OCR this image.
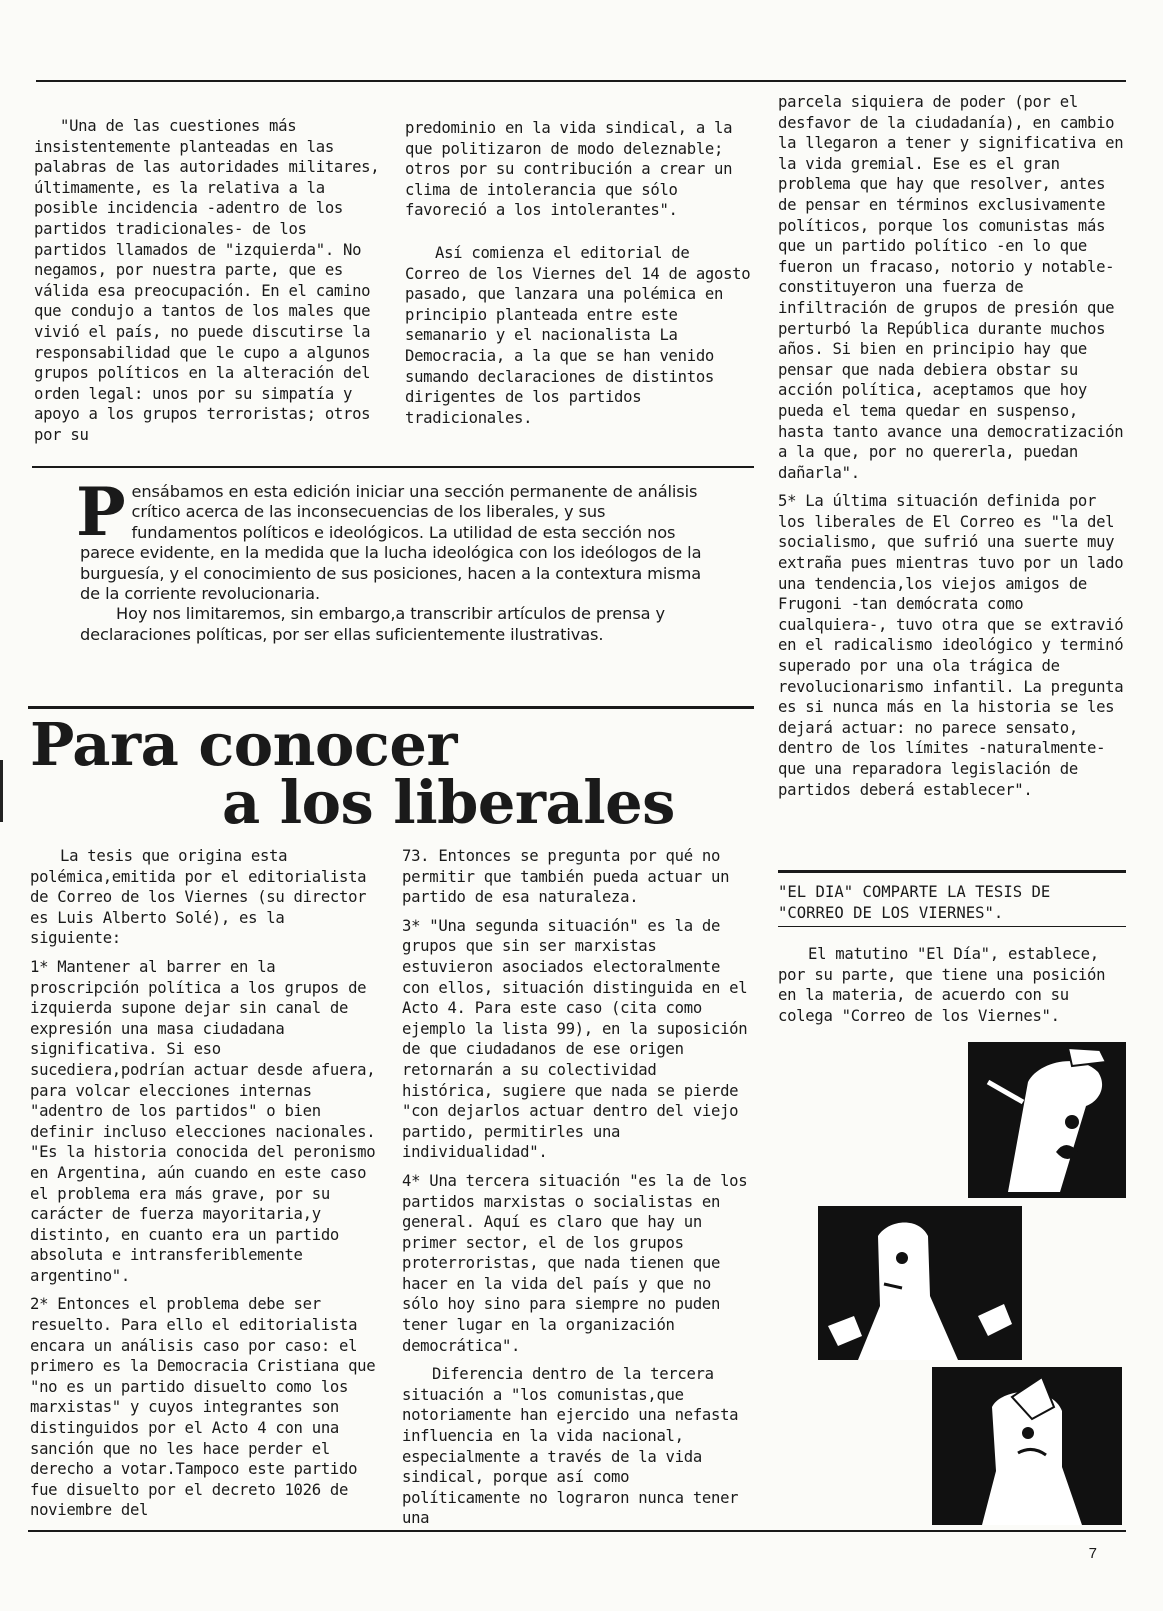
"Una de las cuestiones más insistentemente planteadas en las palabras de las autoridades militares, últimamente, es la relativa a la posible incidencia -adentro de los partidos tradicionales- de los partidos llamados de "izquierda". No negamos, por nuestra parte, que es válida esa preocupación. En el camino que condujo a tantos de los males que vivió el país, no puede discutirse la responsabilidad que le cupo a algunos grupos políticos en la alteración del orden legal: unos por su simpatía y apoyo a los grupos terroristas; otros por su

predominio en la vida sindical, a la que politizaron de modo deleznable; otros por su contribución a crear un clima de intolerancia que sólo favoreció a los intolerantes".

Así comienza el editorial de Correo de los Viernes del 14 de agosto pasado, que lanzara una polémica en principio planteada entre este semanario y el nacionalista La Democracia, a la que se han venido sumando declaraciones de distintos dirigentes de los partidos tradicionales.

parcela siquiera de poder (por el desfavor de la ciudadanía), en cambio la llegaron a tener y significativa en la vida gremial. Ese es el gran problema que hay que resolver, antes de pensar en términos exclusivamente políticos, porque los comunistas más que un partido político -en lo que fueron un fracaso, notorio y notable- constituyeron una fuerza de infiltración de grupos de presión que perturbó la República durante muchos años. Si bien en principio hay que pensar que nada debiera obstar su acción política, aceptamos que hoy pueda el tema quedar en suspenso, hasta tanto avance una democratización a la que, por no quererla, puedan dañarla".

5* La última situación definida por los liberales de El Correo es "la del socialismo, que sufrió una suerte muy extraña pues mientras tuvo por un lado una tendencia,los viejos amigos de Frugoni -tan demócrata como cualquiera-, tuvo otra que se extravió en el radicalismo ideológico y terminó superado por una ola trágica de revolucionarismo infantil. La pregunta es si nunca más en la historia se les dejará actuar: no parece sensato, dentro de los límites -naturalmente- que una reparadora legislación de partidos deberá establecer".

P ensábamos en esta edición iniciar una sección permanente de análisis crítico acerca de las inconsecuencias de los liberales, y sus fundamentos políticos e ideológicos. La utilidad de esta sección nos parece evidente, en la medida que la lucha ideológica con los ideólogos de la burguesía, y el conocimiento de sus posiciones, hacen a la contextura misma de la corriente revolucionaria.

Hoy nos limitaremos, sin embargo,a transcribir artículos de prensa y declaraciones políticas, por ser ellas suficientemente ilustrativas.

Para conocer
a los liberales

La tesis que origina esta polémica,emitida por el editorialista de Correo de los Viernes (su director es Luis Alberto Solé), es la siguiente:

1* Mantener al barrer en la proscripción política a los grupos de izquierda supone dejar sin canal de expresión una masa ciudadana significativa. Si eso sucediera,podrían actuar desde afuera, para volcar elecciones internas "adentro de los partidos" o bien definir incluso elecciones nacionales. "Es la historia conocida del peronismo en Argentina, aún cuando en este caso el problema era más grave, por su carácter de fuerza mayoritaria,y distinto, en cuanto era un partido absoluta e intransferiblemente argentino".

2* Entonces el problema debe ser resuelto. Para ello el editorialista encara un análisis caso por caso: el primero es la Democracia Cristiana que "no es un partido disuelto como los marxistas" y cuyos integrantes son distinguidos por el Acto 4 con una sanción que no les hace perder el derecho a votar.Tampoco este partido fue disuelto por el decreto 1026 de noviembre del

73. Entonces se pregunta por qué no permitir que también pueda actuar un partido de esa naturaleza.

3* "Una segunda situación" es la de grupos que sin ser marxistas estuvieron asociados electoralmente con ellos, situación distinguida en el Acto 4. Para este caso (cita como ejemplo la lista 99), en la suposición de que ciudadanos de ese origen retornarán a su colectividad histórica, sugiere que nada se pierde "con dejarlos actuar dentro del viejo partido, permitirles una individualidad".

4* Una tercera situación "es la de los partidos marxistas o socialistas en general. Aquí es claro que hay un primer sector, el de los grupos proterroristas, que nada tienen que hacer en la vida del país y que no sólo hoy sino para siempre no puden tener lugar en la organización democrática".

Diferencia dentro de la tercera situación a "los comunistas,que notoriamente han ejercido una nefasta influencia en la vida nacional, especialmente a través de la vida sindical, porque así como políticamente no lograron nunca tener una

"EL DIA" COMPARTE LA TESIS DE "CORREO DE LOS VIERNES".

El matutino "El Día", establece, por su parte, que tiene una posición en la materia, de acuerdo con su colega "Correo de los Viernes".

7
